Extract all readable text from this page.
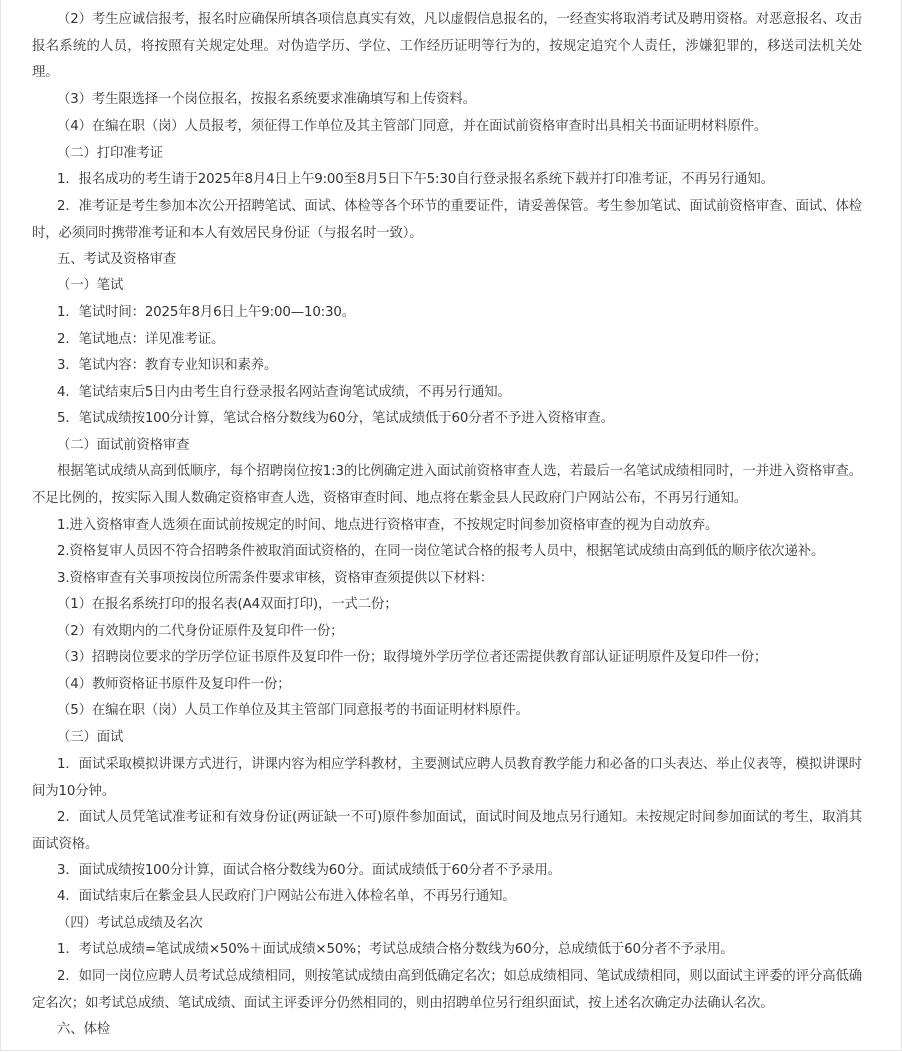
（2）考生应诚信报考，报名时应确保所填各项信息真实有效，凡以虚假信息报名的，一经查实将取消考试及聘用资格。对恶意报名、攻击报名系统的人员，将按照有关规定处理。对伪造学历、学位、工作经历证明等行为的，按规定追究个人责任，涉嫌犯罪的，移送司法机关处理。

（3）考生限选择一个岗位报名，按报名系统要求准确填写和上传资料。

（4）在编在职（岗）人员报考，须征得工作单位及其主管部门同意，并在面试前资格审查时出具相关书面证明材料原件。

（二）打印准考证

1．报名成功的考生请于2025年8月4日上午9:00至8月5日下午5:30自行登录报名系统下载并打印准考证，不再另行通知。

2．准考证是考生参加本次公开招聘笔试、面试、体检等各个环节的重要证件，请妥善保管。考生参加笔试、面试前资格审查、面试、体检时，必须同时携带准考证和本人有效居民身份证（与报名时一致）。

五、考试及资格审查

（一）笔试

1．笔试时间：2025年8月6日上午9:00—10:30。

2．笔试地点：详见准考证。

3．笔试内容：教育专业知识和素养。

4．笔试结束后5日内由考生自行登录报名网站查询笔试成绩，不再另行通知。

5．笔试成绩按100分计算，笔试合格分数线为60分，笔试成绩低于60分者不予进入资格审查。

（二）面试前资格审查

根据笔试成绩从高到低顺序，每个招聘岗位按1:3的比例确定进入面试前资格审查人选，若最后一名笔试成绩相同时，一并进入资格审查。不足比例的，按实际入围人数确定资格审查人选，资格审查时间、地点将在紫金县人民政府门户网站公布，不再另行通知。

1.进入资格审查人选须在面试前按规定的时间、地点进行资格审查，不按规定时间参加资格审查的视为自动放弃。

2.资格复审人员因不符合招聘条件被取消面试资格的，在同一岗位笔试合格的报考人员中，根据笔试成绩由高到低的顺序依次递补。

3.资格审查有关事项按岗位所需条件要求审核，资格审查须提供以下材料：

（1）在报名系统打印的报名表(A4双面打印)，一式二份；

（2）有效期内的二代身份证原件及复印件一份；

（3）招聘岗位要求的学历学位证书原件及复印件一份；取得境外学历学位者还需提供教育部认证证明原件及复印件一份；

（4）教师资格证书原件及复印件一份；

（5）在编在职（岗）人员工作单位及其主管部门同意报考的书面证明材料原件。

（三）面试

1．面试采取模拟讲课方式进行，讲课内容为相应学科教材，主要测试应聘人员教育教学能力和必备的口头表达、举止仪表等，模拟讲课时间为10分钟。

2．面试人员凭笔试准考证和有效身份证(两证缺一不可)原件参加面试，面试时间及地点另行通知。未按规定时间参加面试的考生，取消其面试资格。

3．面试成绩按100分计算，面试合格分数线为60分。面试成绩低于60分者不予录用。

4．面试结束后在紫金县人民政府门户网站公布进入体检名单，不再另行通知。

（四）考试总成绩及名次

1．考试总成绩=笔试成绩×50%＋面试成绩×50%；考试总成绩合格分数线为60分，总成绩低于60分者不予录用。

2．如同一岗位应聘人员考试总成绩相同，则按笔试成绩由高到低确定名次；如总成绩相同、笔试成绩相同，则以面试主评委的评分高低确定名次；如考试总成绩、笔试成绩、面试主评委评分仍然相同的，则由招聘单位另行组织面试，按上述名次确定办法确认名次。

六、体检
